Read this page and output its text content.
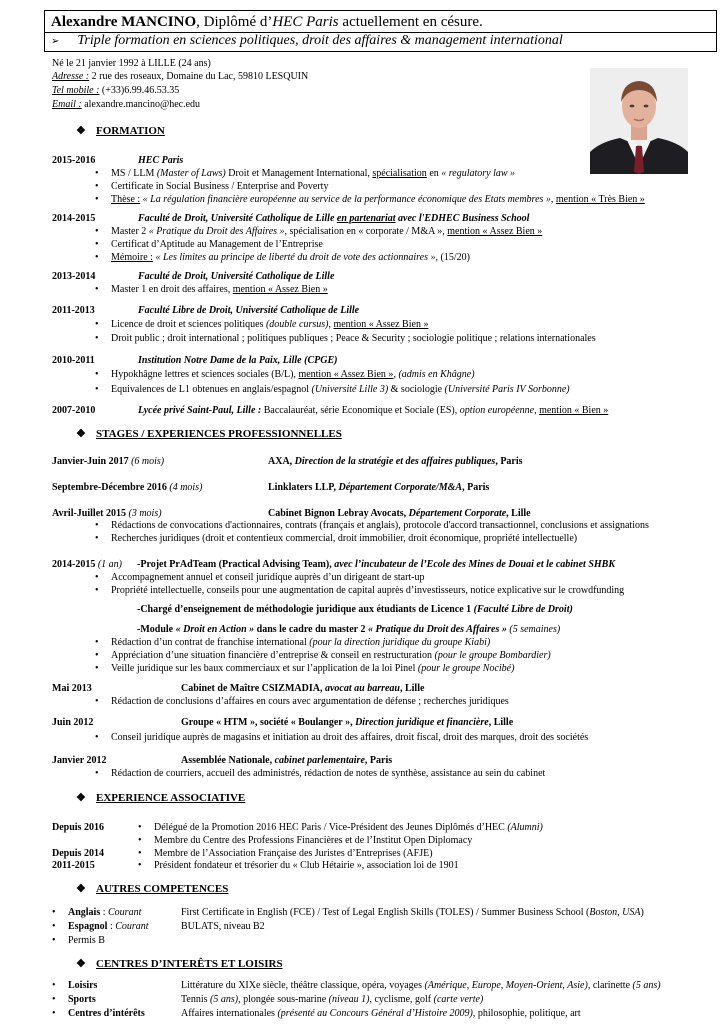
Alexandre MANCINO, Diplômé d’HEC Paris actuellement en césure.
➢ Triple formation en sciences politiques, droit des affaires & management international
Né le 21 janvier 1992 à LILLE (24 ans)
Adresse : 2 rue des roseaux, Domaine du Lac, 59810 LESQUIN
Tel mobile : (+33)6.99.46.53.35
Email : alexandre.mancino@hec.edu
❖ FORMATION
2015-2016	HEC Paris
• MS / LLM (Master of Laws) Droit et Management International, spécialisation en « regulatory law »
• Certificate in Social Business / Enterprise and Poverty
• Thèse : « La régulation financière européenne au service de la performance économique des Etats membres », mention « Très Bien »
2014-2015	Faculté de Droit, Université Catholique de Lille en partenariat avec l'EDHEC Business School
• Master 2 « Pratique du Droit des Affaires », spécialisation en « corporate / M&A », mention « Assez Bien »
• Certificat d’Aptitude au Management de l’Entreprise
• Mémoire : « Les limites au principe de liberté du droit de vote des actionnaires », (15/20)
2013-2014	Faculté de Droit, Université Catholique de Lille
• Master 1 en droit des affaires, mention « Assez Bien »
2011-2013	Faculté Libre de Droit, Université Catholique de Lille
• Licence de droit et sciences politiques (double cursus), mention « Assez Bien »
• Droit public ; droit international ; politiques publiques ; Peace & Security ; sociologie politique ; relations internationales
2010-2011	Institution Notre Dame de la Paix, Lille (CPGE)
• Hypokhâgne lettres et sciences sociales (B/L), mention « Assez Bien », (admis en Khâgne)
• Equivalences de L1 obtenues en anglais/espagnol (Université Lille 3) & sociologie (Université Paris IV Sorbonne)
2007-2010	Lycée privé Saint-Paul, Lille : Baccalauréat, série Economique et Sociale (ES), option européenne, mention « Bien »
❖ STAGES / EXPERIENCES PROFESSIONNELLES
Janvier-Juin 2017 (6 mois)	AXA, Direction de la stratégie et des affaires publiques, Paris
Septembre-Décembre 2016 (4 mois)	Linklaters LLP, Département Corporate/M&A, Paris
Avril-Juillet 2015 (3 mois)	Cabinet Bignon Lebray Avocats, Département Corporate, Lille
• Rédactions de convocations d'actionnaires, contrats (français et anglais), protocole d'accord transactionnel, conclusions et assignations
• Recherches juridiques (droit et contentieux commercial, droit immobilier, droit économique, propriété intellectuelle)
2014-2015 (1 an) -Projet PrAdTeam (Practical Advising Team), avec l’incubateur de l’Ecole des Mines de Douai et le cabinet SHBK
• Accompagnement annuel et conseil juridique auprès d’un dirigeant de start-up
• Propriété intellectuelle, conseils pour une augmentation de capital auprès d’investisseurs, notice explicative sur le crowdfunding
-Chargé d’enseignement de méthodologie juridique aux étudiants de Licence 1 (Faculté Libre de Droit)
-Module « Droit en Action » dans le cadre du master 2 « Pratique du Droit des Affaires » (5 semaines)
• Rédaction d’un contrat de franchise international (pour la direction juridique du groupe Kiabi)
• Appréciation d’une situation financière d’entreprise & conseil en restructuration (pour le groupe Bombardier)
• Veille juridique sur les baux commerciaux et sur l’application de la loi Pinel (pour le groupe Nocibé)
Mai 2013	Cabinet de Maître CSIZMADIA, avocat au barreau, Lille
• Rédaction de conclusions d’affaires en cours avec argumentation de défense ; recherches juridiques
Juin 2012	Groupe « HTM », société « Boulanger », Direction juridique et financière, Lille
• Conseil juridique auprès de magasins et initiation au droit des affaires, droit fiscal, droit des marques, droit des sociétés
Janvier 2012	Assemblée Nationale, cabinet parlementaire, Paris
• Rédaction de courriers, accueil des administrés, rédaction de notes de synthèse, assistance au sein du cabinet
❖ EXPERIENCE ASSOCIATIVE
Depuis 2016	• Délégué de la Promotion 2016 HEC Paris / Vice-Président des Jeunes Diplômés d’HEC (Alumni)
• Membre du Centre des Professions Financières et de l’Institut Open Diplomacy
Depuis 2014	• Membre de l’Association Française des Juristes d’Entreprises (AFJE)
2011-2015	• Président fondateur et trésorier du « Club Hétairie », association loi de 1901
❖ AUTRES COMPETENCES
• Anglais : Courant	First Certificate in English (FCE) / Test of Legal English Skills (TOLES) / Summer Business School (Boston, USA)
• Espagnol : Courant	BULATS, niveau B2
• Permis B
❖ CENTRES D’INTERÊTS ET LOISIRS
• Loisirs	Littérature du XIXe siècle, théâtre classique, opéra, voyages (Amérique, Europe, Moyen-Orient, Asie), clarinette (5 ans)
• Sports	Tennis (5 ans), plongée sous-marine (niveau 1), cyclisme, golf (carte verte)
• Centres d’intérêts	Affaires internationales (présenté au Concours Général d’Histoire 2009), philosophie, politique, art
